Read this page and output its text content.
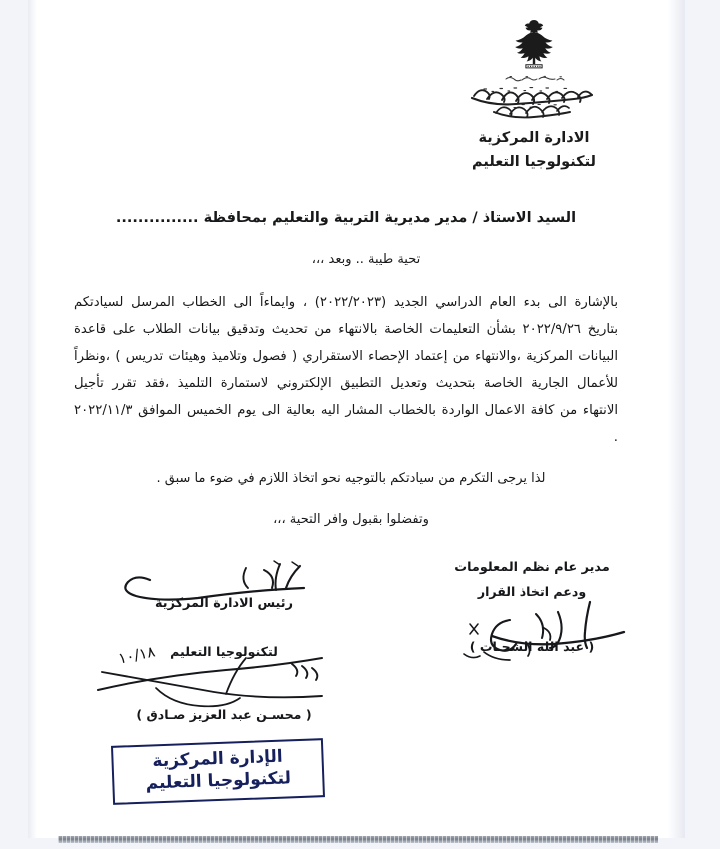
الادارة المركزية
لتكنولوجيا التعليم
السيد الاستاذ / مدير مديرية التربية والتعليم بمحافظة ...............
تحية طيبة .. وبعد ،،،
بالإشارة الى بدء العام الدراسي الجديد (٢٠٢٢/٢٠٢٣) ، وايماءاً الى الخطاب المرسل لسيادتكم بتاريخ ٢٠٢٢/٩/٢٦ بشأن التعليمات الخاصة بالانتهاء من تحديث وتدقيق بيانات الطلاب على قاعدة البيانات المركزية ،والانتهاء من إعتماد الإحصاء الاستقراري ( فصول وتلاميذ وهيئات تدريس ) ،ونظراً للأعمال الجارية الخاصة بتحديث وتعديل التطبيق الإلكتروني لاستمارة التلميذ ،فقد تقرر تأجيل الانتهاء من كافة الاعمال الواردة بالخطاب المشار اليه بعالية الى يوم الخميس الموافق ٢٠٢٢/١١/٣ .
لذا يرجى التكرم من سيادتكم بالتوجيه نحو اتخاذ اللازم في ضوء ما سبق .
وتفضلوا بقبول وافر التحية ،،،
مدير عام نظم المعلومات
ودعم اتخاذ القرار
( عبد الله الشحـات )
رئيس الادارة المركزية
لتكنولوجيا التعليم
( محسـن عبد العزيز صـادق )
١٠/١٨
الإدارة المركزية
لتكنولوجيا التعليم
